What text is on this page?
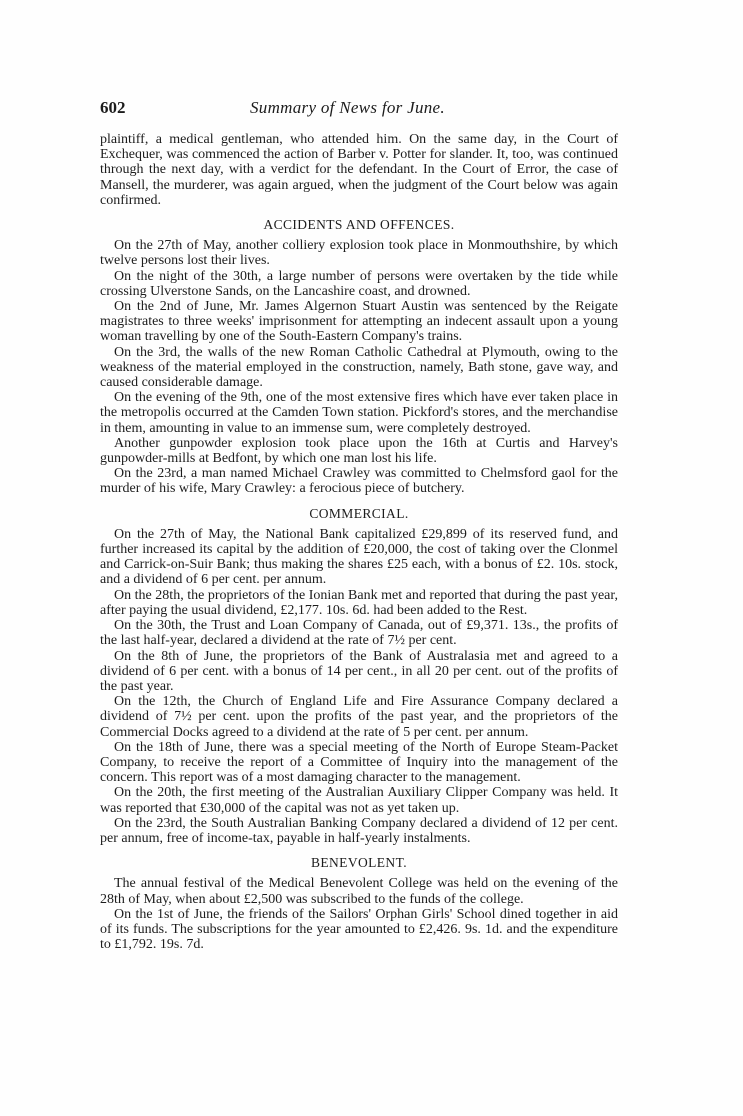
602	Summary of News for June.

plaintiff, a medical gentleman, who attended him. On the same day, in the Court of Exchequer, was commenced the action of Barber v. Potter for slander. It, too, was continued through the next day, with a verdict for the defendant. In the Court of Error, the case of Mansell, the murderer, was again argued, when the judgment of the Court below was again confirmed.

ACCIDENTS AND OFFENCES.

On the 27th of May, another colliery explosion took place in Monmouthshire, by which twelve persons lost their lives.

On the night of the 30th, a large number of persons were overtaken by the tide while crossing Ulverstone Sands, on the Lancashire coast, and drowned.

On the 2nd of June, Mr. James Algernon Stuart Austin was sentenced by the Reigate magistrates to three weeks' imprisonment for attempting an indecent assault upon a young woman travelling by one of the South-Eastern Company's trains.

On the 3rd, the walls of the new Roman Catholic Cathedral at Plymouth, owing to the weakness of the material employed in the construction, namely, Bath stone, gave way, and caused considerable damage.

On the evening of the 9th, one of the most extensive fires which have ever taken place in the metropolis occurred at the Camden Town station. Pickford's stores, and the merchandise in them, amounting in value to an immense sum, were completely destroyed.

Another gunpowder explosion took place upon the 16th at Curtis and Harvey's gunpowder-mills at Bedfont, by which one man lost his life.

On the 23rd, a man named Michael Crawley was committed to Chelmsford gaol for the murder of his wife, Mary Crawley: a ferocious piece of butchery.

COMMERCIAL.

On the 27th of May, the National Bank capitalized £29,899 of its reserved fund, and further increased its capital by the addition of £20,000, the cost of taking over the Clonmel and Carrick-on-Suir Bank; thus making the shares £25 each, with a bonus of £2. 10s. stock, and a dividend of 6 per cent. per annum.

On the 28th, the proprietors of the Ionian Bank met and reported that during the past year, after paying the usual dividend, £2,177. 10s. 6d. had been added to the Rest.

On the 30th, the Trust and Loan Company of Canada, out of £9,371. 13s., the profits of the last half-year, declared a dividend at the rate of 7½ per cent.

On the 8th of June, the proprietors of the Bank of Australasia met and agreed to a dividend of 6 per cent. with a bonus of 14 per cent., in all 20 per cent. out of the profits of the past year.

On the 12th, the Church of England Life and Fire Assurance Company declared a dividend of 7½ per cent. upon the profits of the past year, and the proprietors of the Commercial Docks agreed to a dividend at the rate of 5 per cent. per annum.

On the 18th of June, there was a special meeting of the North of Europe Steam-Packet Company, to receive the report of a Committee of Inquiry into the management of the concern. This report was of a most damaging character to the management.

On the 20th, the first meeting of the Australian Auxiliary Clipper Company was held. It was reported that £30,000 of the capital was not as yet taken up.

On the 23rd, the South Australian Banking Company declared a dividend of 12 per cent. per annum, free of income-tax, payable in half-yearly instalments.

BENEVOLENT.

The annual festival of the Medical Benevolent College was held on the evening of the 28th of May, when about £2,500 was subscribed to the funds of the college.

On the 1st of June, the friends of the Sailors' Orphan Girls' School dined together in aid of its funds. The subscriptions for the year amounted to £2,426. 9s. 1d. and the expenditure to £1,792. 19s. 7d.
